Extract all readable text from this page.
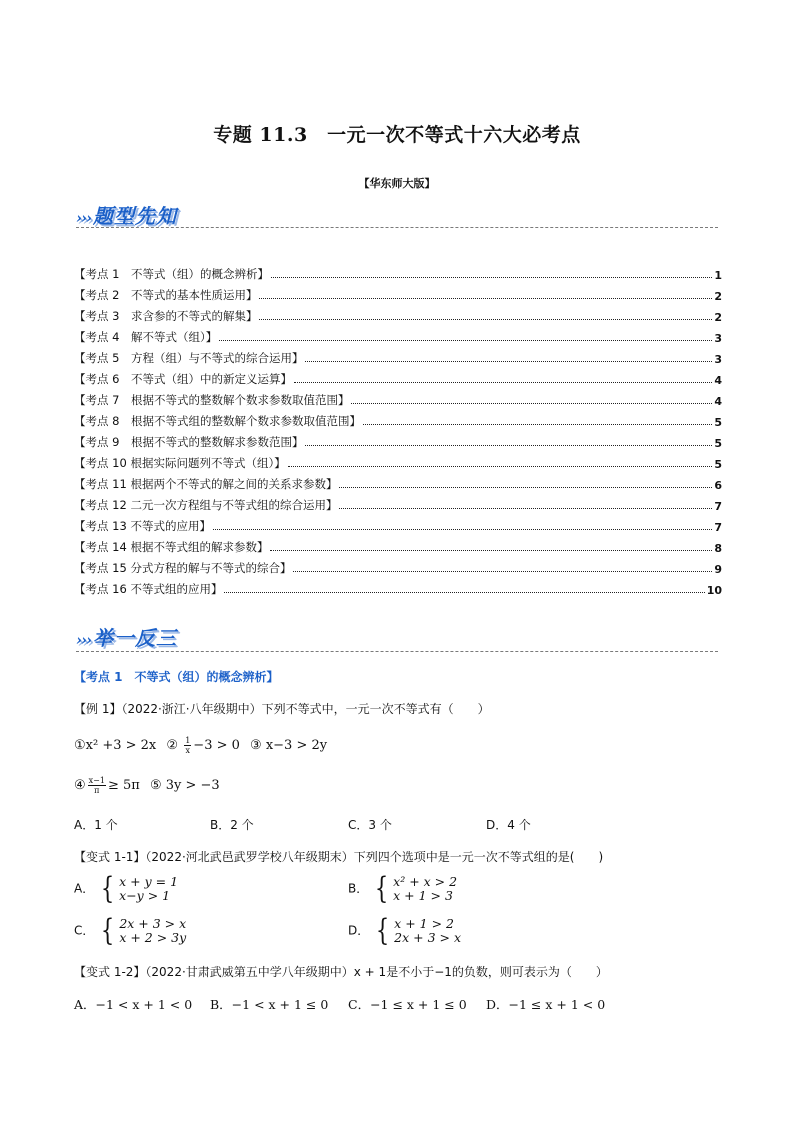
专题 11.3　一元一次不等式十六大必考点
【华东师大版】
››› 题型先知
【考点 1　不等式（组）的概念辨析】	1
【考点 2　不等式的基本性质运用】	2
【考点 3　求含参的不等式的解集】	2
【考点 4　解不等式（组）】	3
【考点 5　方程（组）与不等式的综合运用】	3
【考点 6　不等式（组）中的新定义运算】	4
【考点 7　根据不等式的整数解个数求参数取值范围】	4
【考点 8　根据不等式组的整数解个数求参数取值范围】	5
【考点 9　根据不等式的整数解求参数范围】	5
【考点 10 根据实际问题列不等式（组）】	5
【考点 11 根据两个不等式的解之间的关系求参数】	6
【考点 12 二元一次方程组与不等式组的综合运用】	7
【考点 13 不等式的应用】	7
【考点 14 根据不等式组的解求参数】	8
【考点 15 分式方程的解与不等式的综合】	9
【考点 16 不等式组的应用】	10
››› 举一反三
【考点 1　不等式（组）的概念辨析】
【例 1】（2022·浙江·八年级期中）下列不等式中，一元一次不等式有（　　）
①x² +3 > 2x ② $\frac{1}{x} -3 > 0$ ③ x−3 > 2y
④ $\frac{x-1}{\pi} \ge 5\pi$ ⑤ 3y > −3
A．1 个	B．2 个	C．3 个	D．4 个
【变式 1-1】（2022·河北武邑武罗学校八年级期末）下列四个选项中是一元一次不等式组的是(　　)
A． { x + y = 1
x−y > 1	B． { x² + x > 2
x + 1 > 3
C． { 2x + 3 > x
x + 2 > 3y	D． { x + 1 > 2
2x + 3 > x
【变式 1-2】（2022·甘肃武威第五中学八年级期中）x + 1是不小于−1的负数，则可表示为（　　）
A．−1 < x + 1 < 0 B．−1 < x + 1 ≤ 0 C．−1 ≤ x + 1 ≤ 0 D．−1 ≤ x + 1 < 0
